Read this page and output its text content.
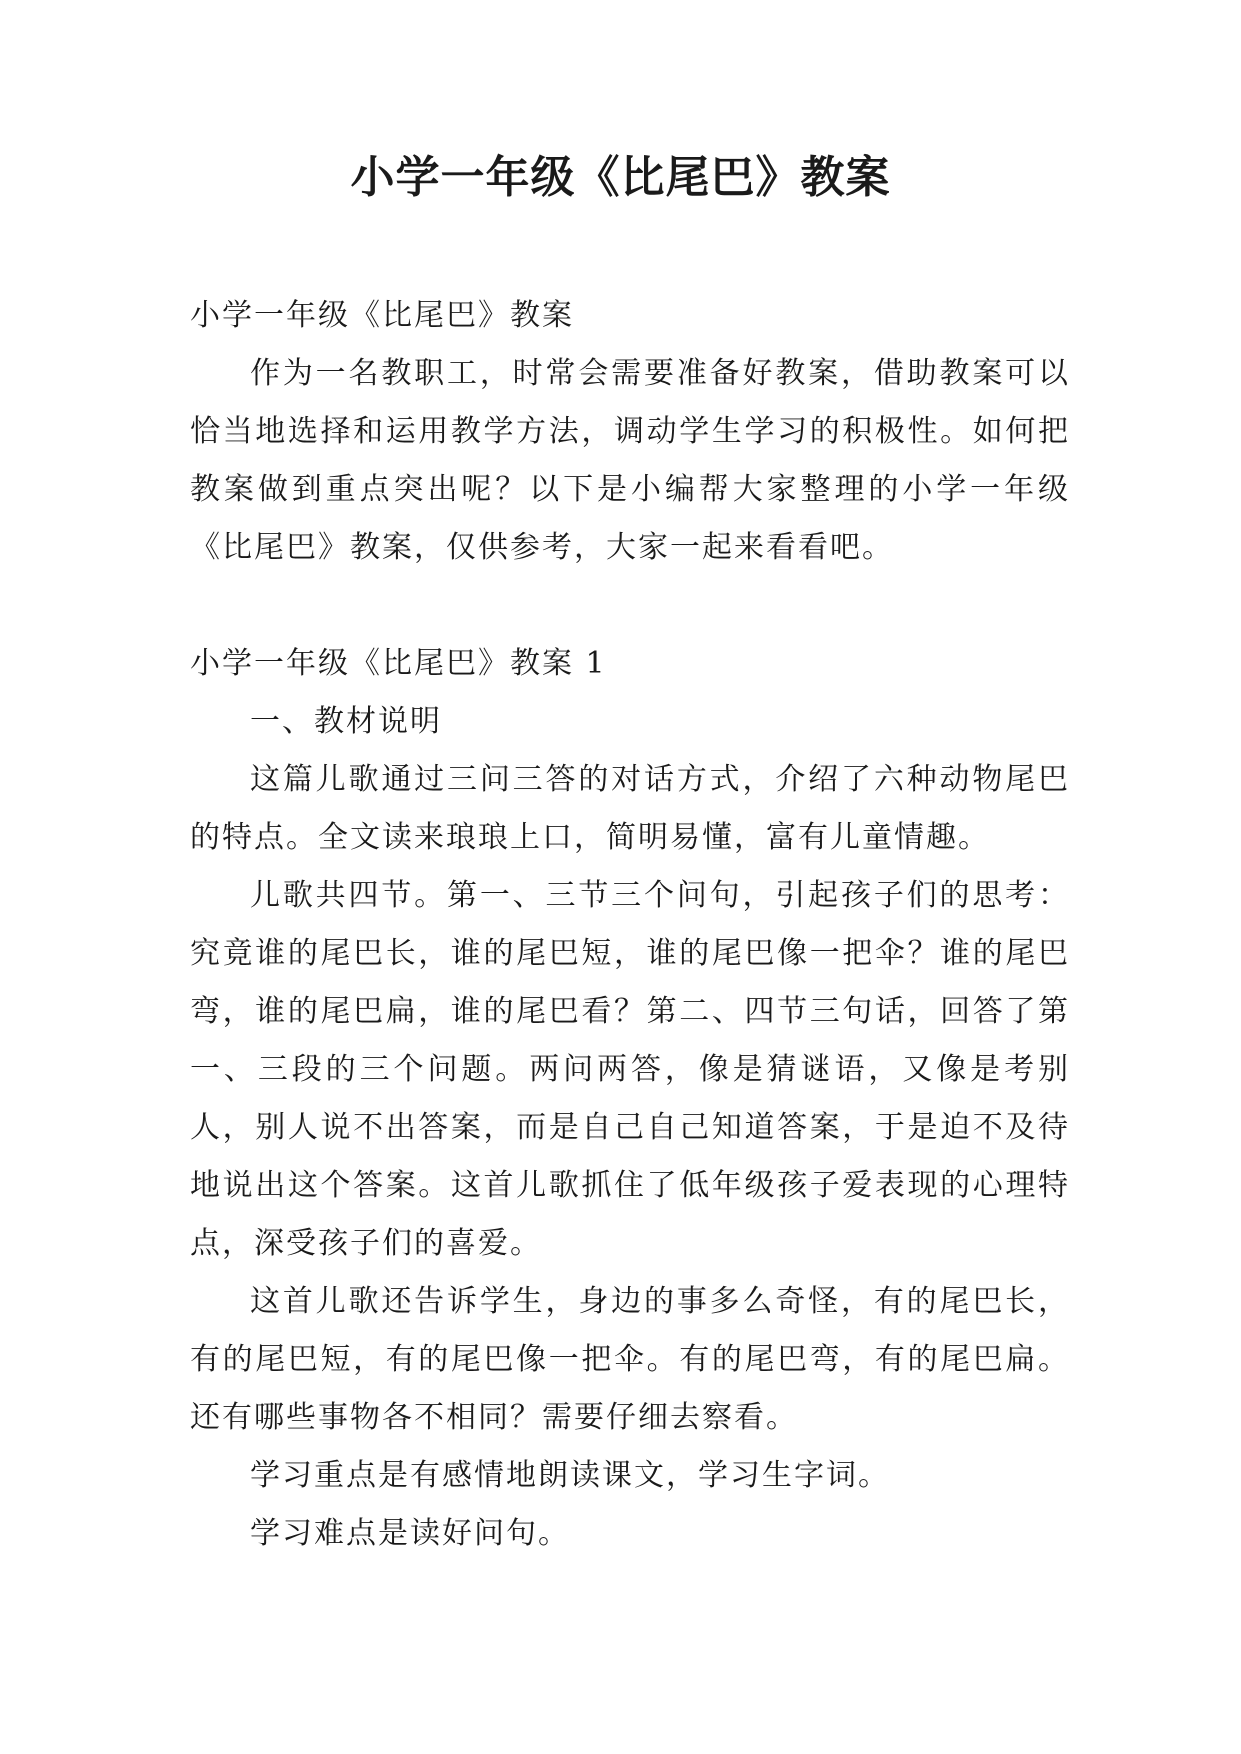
小学一年级《比尾巴》教案

小学一年级《比尾巴》教案

作为一名教职工，时常会需要准备好教案，借助教案可以恰当地选择和运用教学方法，调动学生学习的积极性。如何把教案做到重点突出呢？以下是小编帮大家整理的小学一年级《比尾巴》教案，仅供参考，大家一起来看看吧。

小学一年级《比尾巴》教案 1

一、教材说明

这篇儿歌通过三问三答的对话方式，介绍了六种动物尾巴的特点。全文读来琅琅上口，简明易懂，富有儿童情趣。

儿歌共四节。第一、三节三个问句，引起孩子们的思考：究竟谁的尾巴长，谁的尾巴短，谁的尾巴像一把伞？谁的尾巴弯，谁的尾巴扁，谁的尾巴看？第二、四节三句话，回答了第一、三段的三个问题。两问两答，像是猜谜语，又像是考别人，别人说不出答案，而是自己自己知道答案，于是迫不及待地说出这个答案。这首儿歌抓住了低年级孩子爱表现的心理特点，深受孩子们的喜爱。

这首儿歌还告诉学生，身边的事多么奇怪，有的尾巴长，有的尾巴短，有的尾巴像一把伞。有的尾巴弯，有的尾巴扁。还有哪些事物各不相同？需要仔细去察看。

学习重点是有感情地朗读课文，学习生字词。

学习难点是读好问句。
